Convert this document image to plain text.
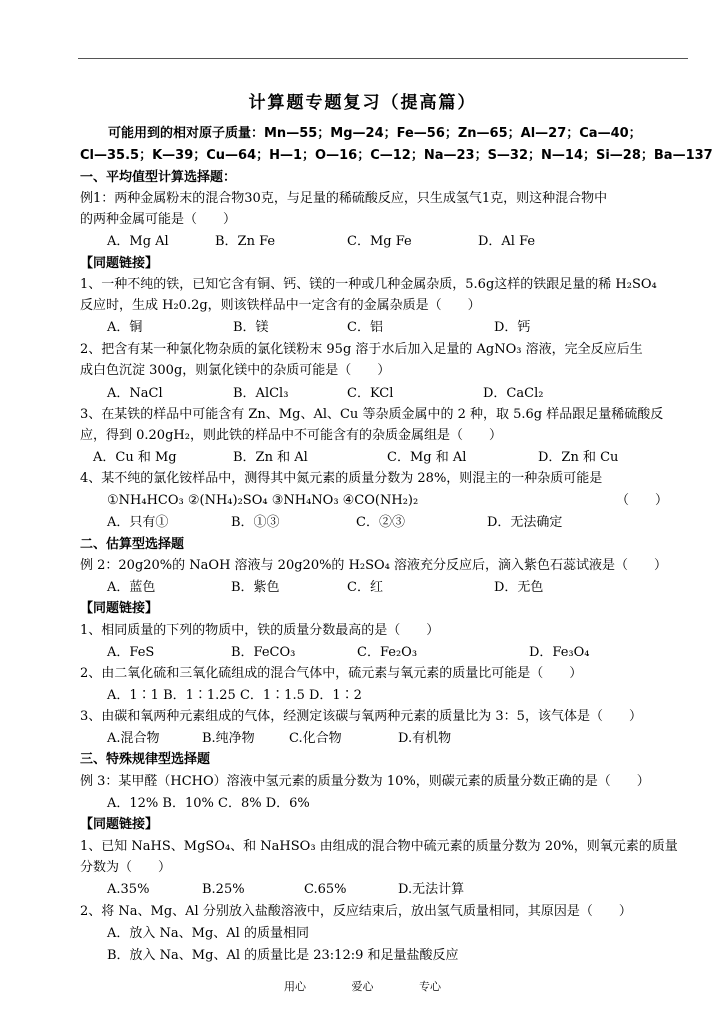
计算题专题复习（提高篇）
可能用到的相对原子质量：Mn—55；Mg—24；Fe—56；Zn—65；Al—27；Ca—40；
Cl—35.5；K—39；Cu—64；H—1；O—16；C—12；Na—23；S—32；N—14；Si—28；Ba—137
一、平均值型计算选择题：
例1：两种金属粉末的混合物30克，与足量的稀硫酸反应，只生成氢气1克，则这种混合物中
的两种金属可能是（　　）
A．Mg Al	B．Zn Fe	C．Mg Fe	D．Al Fe
【同题链接】
1、一种不纯的铁，已知它含有铜、钙、镁的一种或几种金属杂质，5.6g这样的铁跟足量的稀 H₂SO₄
反应时，生成 H₂0.2g，则该铁样品中一定含有的金属杂质是（　　）
A．铜	B．镁	C．铝	D．钙
2、把含有某一种氯化物杂质的氯化镁粉末 95g 溶于水后加入足量的 AgNO₃ 溶液，完全反应后生
成白色沉淀 300g，则氯化镁中的杂质可能是（　　）
A．NaCl	B．AlCl₃	C．KCl	D．CaCl₂
3、在某铁的样品中可能含有 Zn、Mg、Al、Cu 等杂质金属中的 2 种，取 5.6g 样品跟足量稀硫酸反
应，得到 0.20gH₂，则此铁的样品中不可能含有的杂质金属组是（　　）
A．Cu 和 Mg	B．Zn 和 Al	C．Mg 和 Al	D．Zn 和 Cu
4、某不纯的氯化铵样品中，测得其中氮元素的质量分数为 28%，则混主的一种杂质可能是
①NH₄HCO₃ ②(NH₄)₂SO₄ ③NH₄NO₃ ④CO(NH₂)₂	（　　）
A．只有①	B．①③	C．②③	D．无法确定
二、估算型选择题
例 2：20g20%的 NaOH 溶液与 20g20%的 H₂SO₄ 溶液充分反应后，滴入紫色石蕊试液是（　　）
A．蓝色	B．紫色	C．红	D．无色
【同题链接】
1、相同质量的下列的物质中，铁的质量分数最高的是（　　）
A．FeS	B．FeCO₃	C．Fe₂O₃	D．Fe₃O₄
2、由二氧化硫和三氧化硫组成的混合气体中，硫元素与氧元素的质量比可能是（　　）
A．1∶1 B．1∶1.25 C．1∶1.5 D．1∶2
3、由碳和氧两种元素组成的气体，经测定该碳与氧两种元素的质量比为 3：5，该气体是（　　）
A.混合物	B.纯净物	C.化合物	D.有机物
三、特殊规律型选择题
例 3：某甲醛（HCHO）溶液中氢元素的质量分数为 10%，则碳元素的质量分数正确的是（　　）
A．12% B．10% C．8% D．6%
【同题链接】
1、已知 NaHS、MgSO₄、和 NaHSO₃ 由组成的混合物中硫元素的质量分数为 20%，则氧元素的质量
分数为（　　）
A.35%	B.25%	C.65%	D.无法计算
2、将 Na、Mg、Al 分别放入盐酸溶液中，反应结束后，放出氢气质量相同，其原因是（　　）
A．放入 Na、Mg、Al 的质量相同
B．放入 Na、Mg、Al 的质量比是 23:12:9 和足量盐酸反应
用心	爱心	专心
